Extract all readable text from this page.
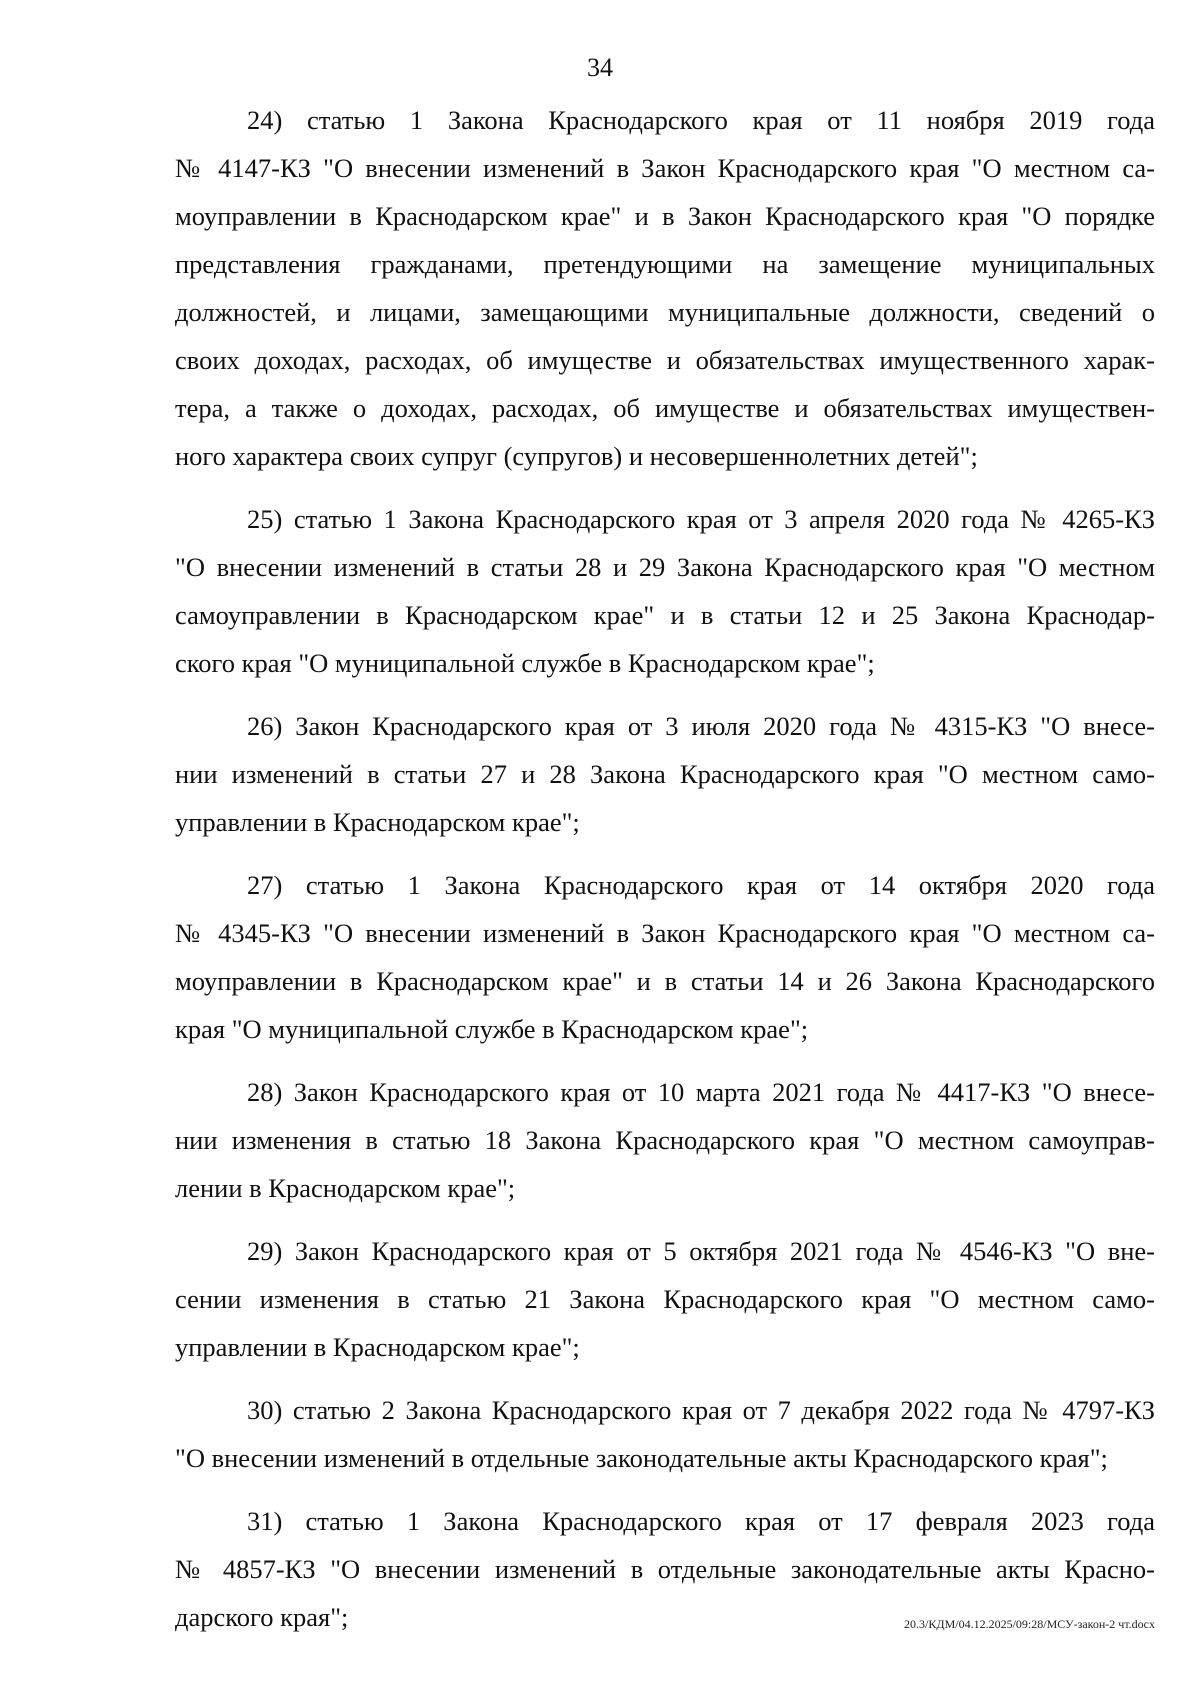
34
24) статью 1 Закона Краснодарского края от 11 ноября 2019 года
№ 4147-КЗ "О внесении изменений в Закон Краснодарского края "О местном са-
моуправлении в Краснодарском крае" и в Закон Краснодарского края "О порядке
представления гражданами, претендующими на замещение муниципальных
должностей, и лицами, замещающими муниципальные должности, сведений о
своих доходах, расходах, об имуществе и обязательствах имущественного харак-
тера, а также о доходах, расходах, об имуществе и обязательствах имуществен-
ного характера своих супруг (супругов) и несовершеннолетних детей";
25) статью 1 Закона Краснодарского края от 3 апреля 2020 года № 4265-КЗ
"О внесении изменений в статьи 28 и 29 Закона Краснодарского края "О местном
самоуправлении в Краснодарском крае" и в статьи 12 и 25 Закона Краснодар-
ского края "О муниципальной службе в Краснодарском крае";
26) Закон Краснодарского края от 3 июля 2020 года № 4315-КЗ "О внесе-
нии изменений в статьи 27 и 28 Закона Краснодарского края "О местном само-
управлении в Краснодарском крае";
27) статью 1 Закона Краснодарского края от 14 октября 2020 года
№ 4345-КЗ "О внесении изменений в Закон Краснодарского края "О местном са-
моуправлении в Краснодарском крае" и в статьи 14 и 26 Закона Краснодарского
края "О муниципальной службе в Краснодарском крае";
28) Закон Краснодарского края от 10 марта 2021 года № 4417-КЗ "О внесе-
нии изменения в статью 18 Закона Краснодарского края "О местном самоуправ-
лении в Краснодарском крае";
29) Закон Краснодарского края от 5 октября 2021 года № 4546-КЗ "О вне-
сении изменения в статью 21 Закона Краснодарского края "О местном само-
управлении в Краснодарском крае";
30) статью 2 Закона Краснодарского края от 7 декабря 2022 года № 4797-КЗ
"О внесении изменений в отдельные законодательные акты Краснодарского края";
31) статью 1 Закона Краснодарского края от 17 февраля 2023 года
№ 4857-КЗ "О внесении изменений в отдельные законодательные акты Красно-
дарского края";	20.3/КДМ/04.12.2025/09:28/МСУ-закон-2 чт.docx
